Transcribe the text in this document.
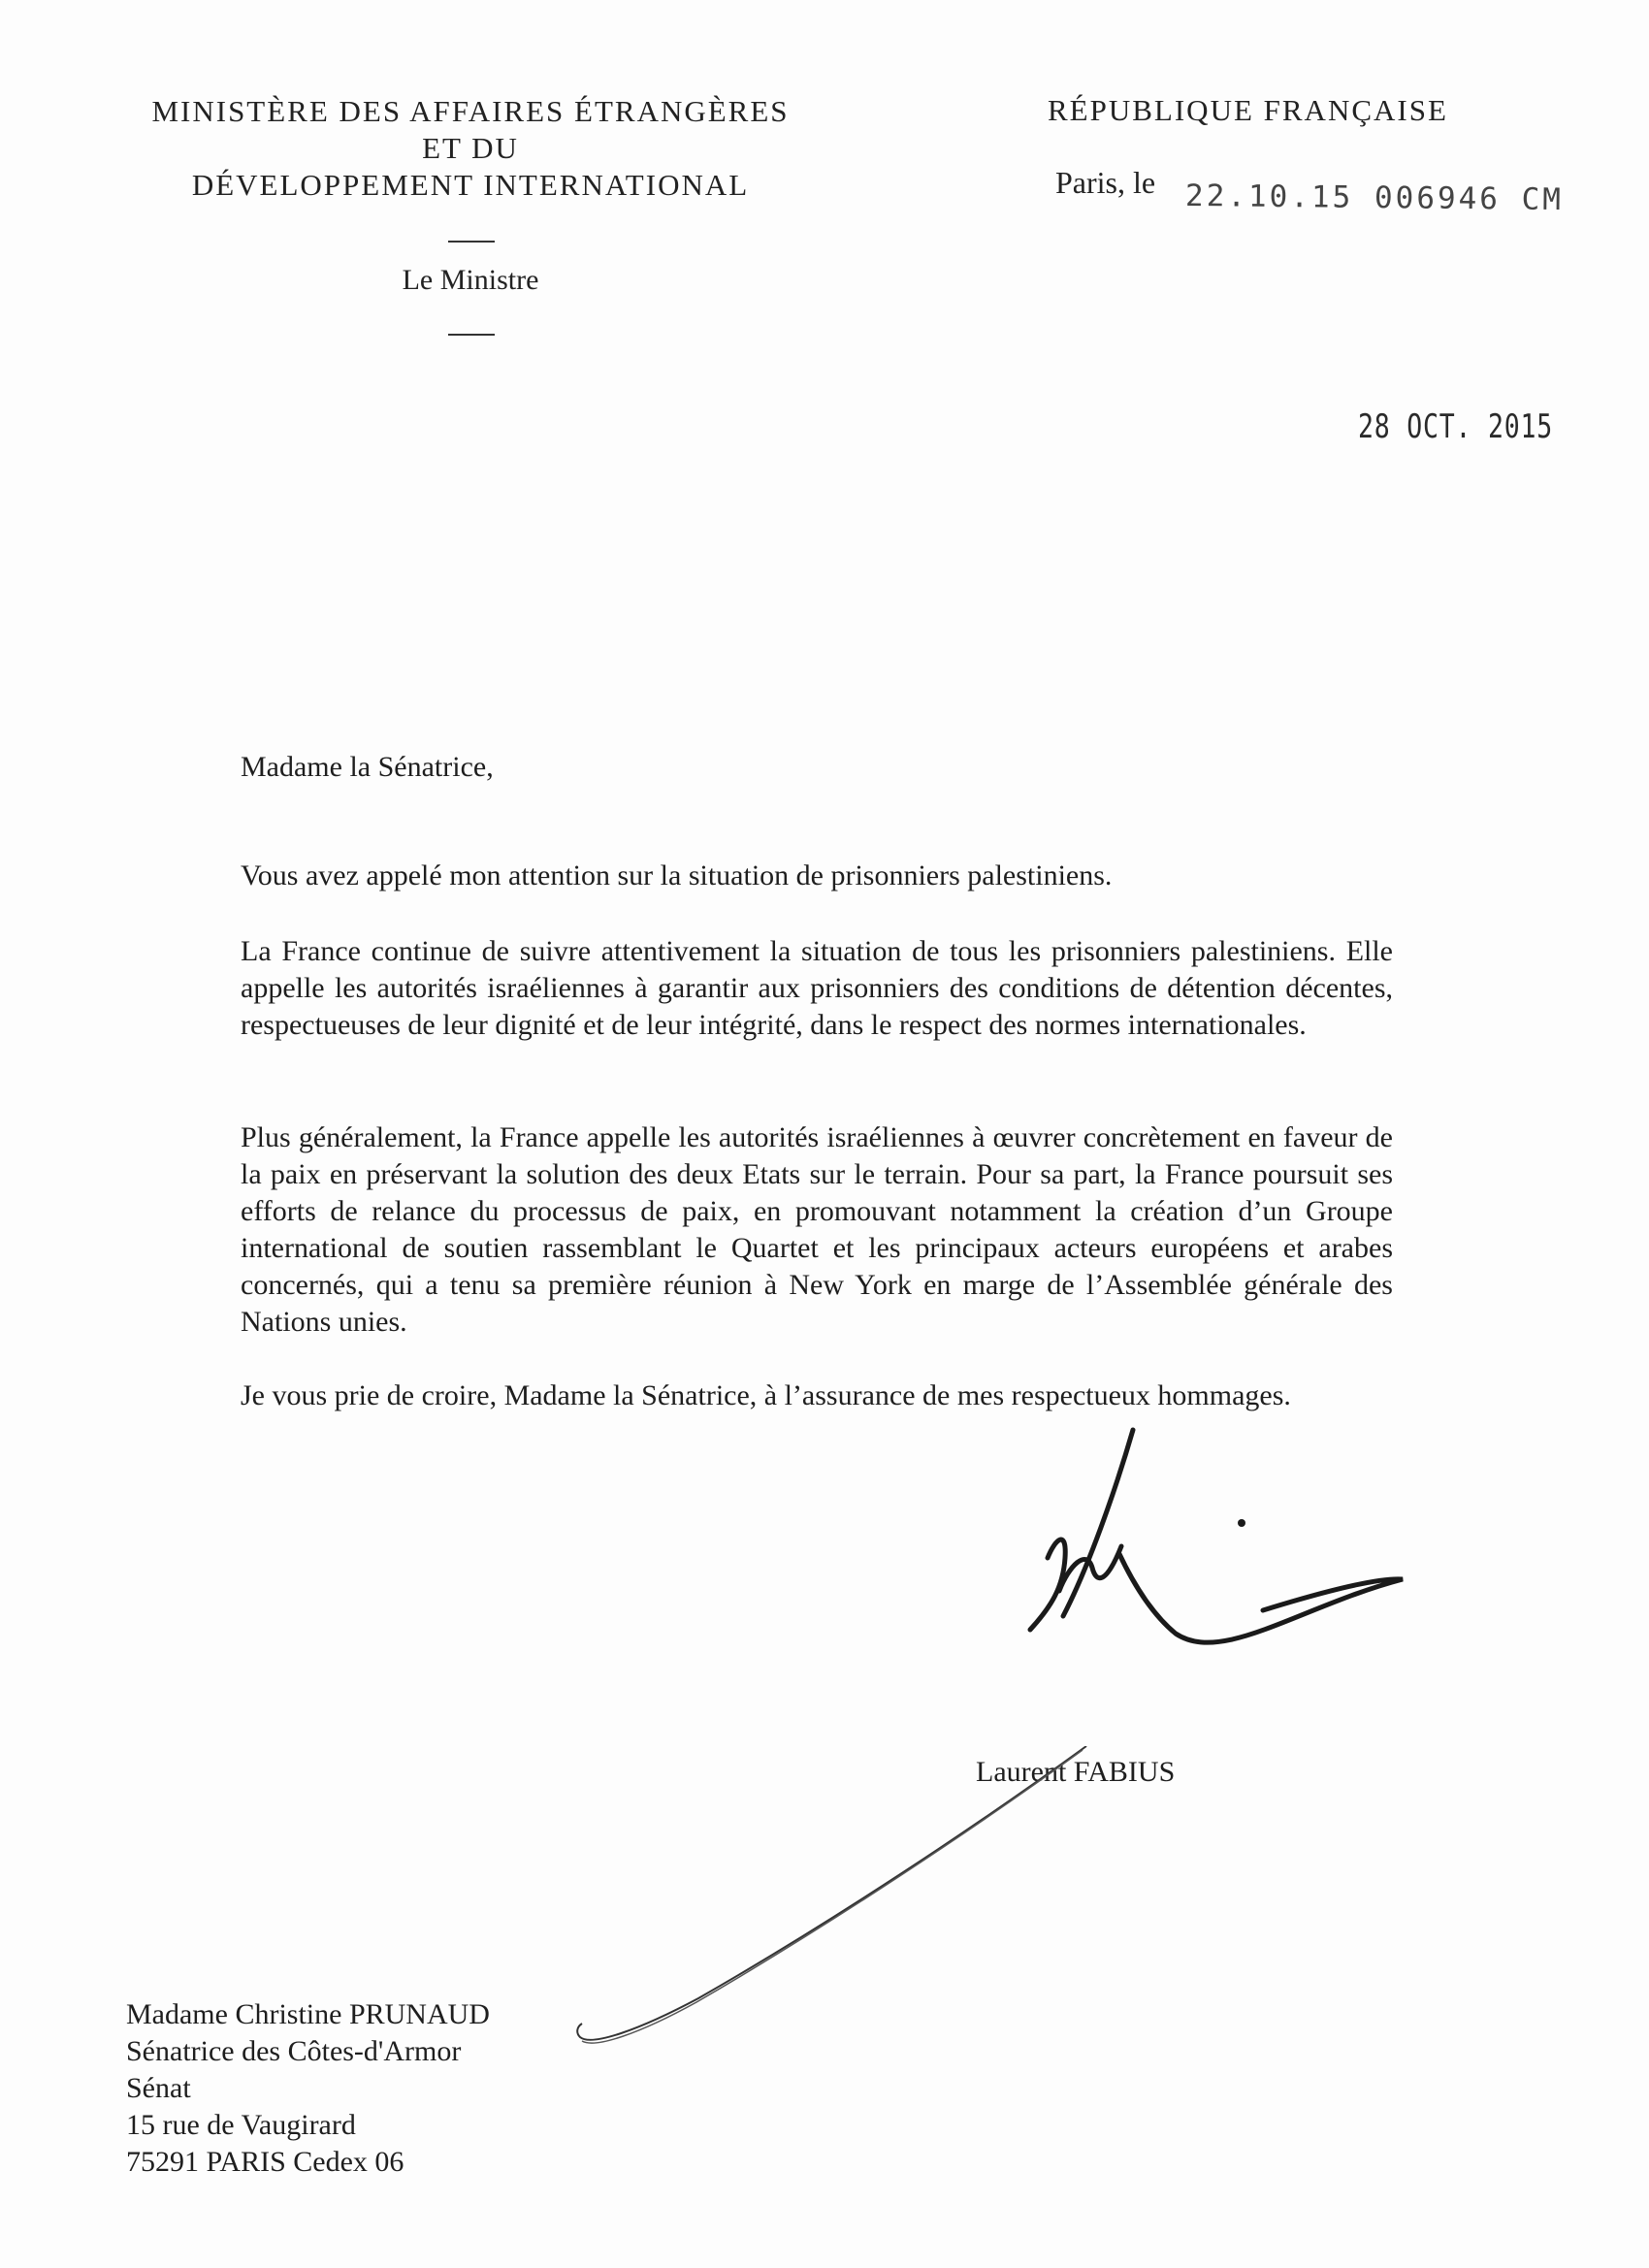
MINISTÈRE DES AFFAIRES ÉTRANGÈRES
ET DU
DÉVELOPPEMENT INTERNATIONAL
Le Ministre
RÉPUBLIQUE FRANÇAISE
Paris, le 22.10.15 006946 CM
28 OCT. 2015
Madame la Sénatrice,
Vous avez appelé mon attention sur la situation de prisonniers palestiniens.
La France continue de suivre attentivement la situation de tous les prisonniers palestiniens. Elle appelle les autorités israéliennes à garantir aux prisonniers des conditions de détention décentes, respectueuses de leur dignité et de leur intégrité, dans le respect des normes internationales.
Plus généralement, la France appelle les autorités israéliennes à œuvrer concrètement en faveur de la paix en préservant la solution des deux Etats sur le terrain. Pour sa part, la France poursuit ses efforts de relance du processus de paix, en promouvant notamment la création d’un Groupe international de soutien rassemblant le Quartet et les principaux acteurs européens et arabes concernés, qui a tenu sa première réunion à New York en marge de l’Assemblée générale des Nations unies.
Je vous prie de croire, Madame la Sénatrice, à l’assurance de mes respectueux hommages.
Laurent FABIUS
Madame Christine PRUNAUD
Sénatrice des Côtes-d'Armor
Sénat
15 rue de Vaugirard
75291 PARIS Cedex 06
